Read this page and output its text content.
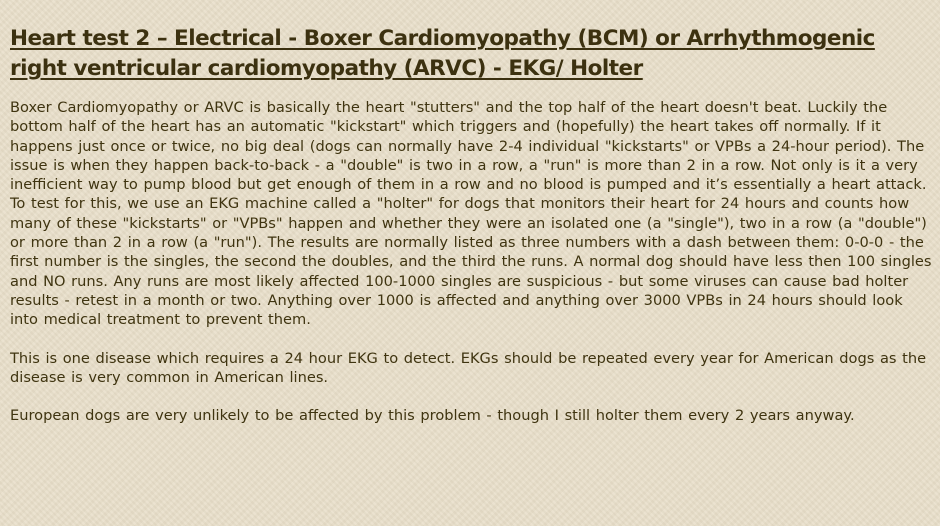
Heart test 2 – Electrical - Boxer Cardiomyopathy (BCM) or Arrhythmogenic right ventricular cardiomyopathy (ARVC) - EKG/ Holter

Boxer Cardiomyopathy or ARVC is basically the heart "stutters" and the top half of the heart doesn't beat. Luckily the bottom half of the heart has an automatic "kickstart" which triggers and (hopefully) the heart takes off normally. If it happens just once or twice, no big deal (dogs can normally have 2-4 individual "kickstarts" or VPBs a 24-hour period). The issue is when they happen back-to-back - a "double" is two in a row, a "run" is more than 2 in a row. Not only is it a very inefficient way to pump blood but get enough of them in a row and no blood is pumped and it’s essentially a heart attack. To test for this, we use an EKG machine called a "holter" for dogs that monitors their heart for 24 hours and counts how many of these "kickstarts" or "VPBs" happen and whether they were an isolated one (a "single"), two in a row (a "double") or more than 2 in a row (a "run"). The results are normally listed as three numbers with a dash between them: 0-0-0 - the first number is the singles, the second the doubles, and the third the runs. A normal dog should have less then 100 singles and NO runs. Any runs are most likely affected 100-1000 singles are suspicious - but some viruses can cause bad holter results - retest in a month or two. Anything over 1000 is affected and anything over 3000 VPBs in 24 hours should look into medical treatment to prevent them.

This is one disease which requires a 24 hour EKG to detect. EKGs should be repeated every year for American dogs as the disease is very common in American lines.

European dogs are very unlikely to be affected by this problem - though I still holter them every 2 years anyway.
